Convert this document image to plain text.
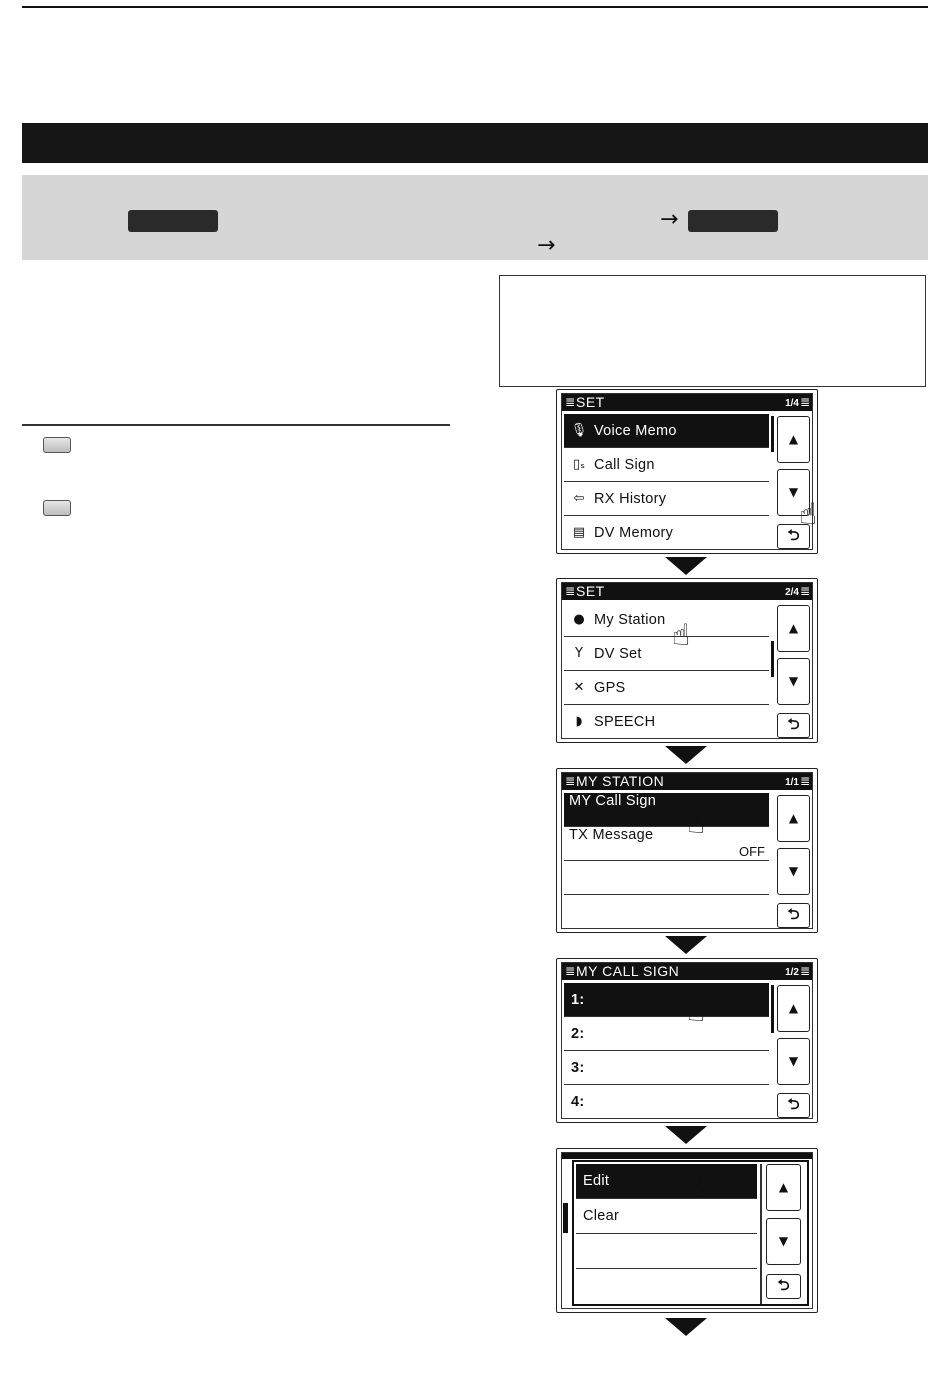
→
→
≣ SET	1/4 ≣
🎙 Voice Memo
▯ₛ Call Sign
⇦ RX History
▤ DV Memory
▲
▼
⮌
☝
≣ SET	2/4 ≣
● My Station
Y DV Set
✕ GPS
◗ SPEECH
▲
▼
⮌
☝
≣ MY STATION	1/1 ≣
MY Call Sign
TX Message
OFF
▲
▼
⮌
☝
≣ MY CALL SIGN	1/2 ≣
1:
2:
3:
4:
▲
▼
⮌
☝
Edit
Clear
▲
▼
⮌
☝
